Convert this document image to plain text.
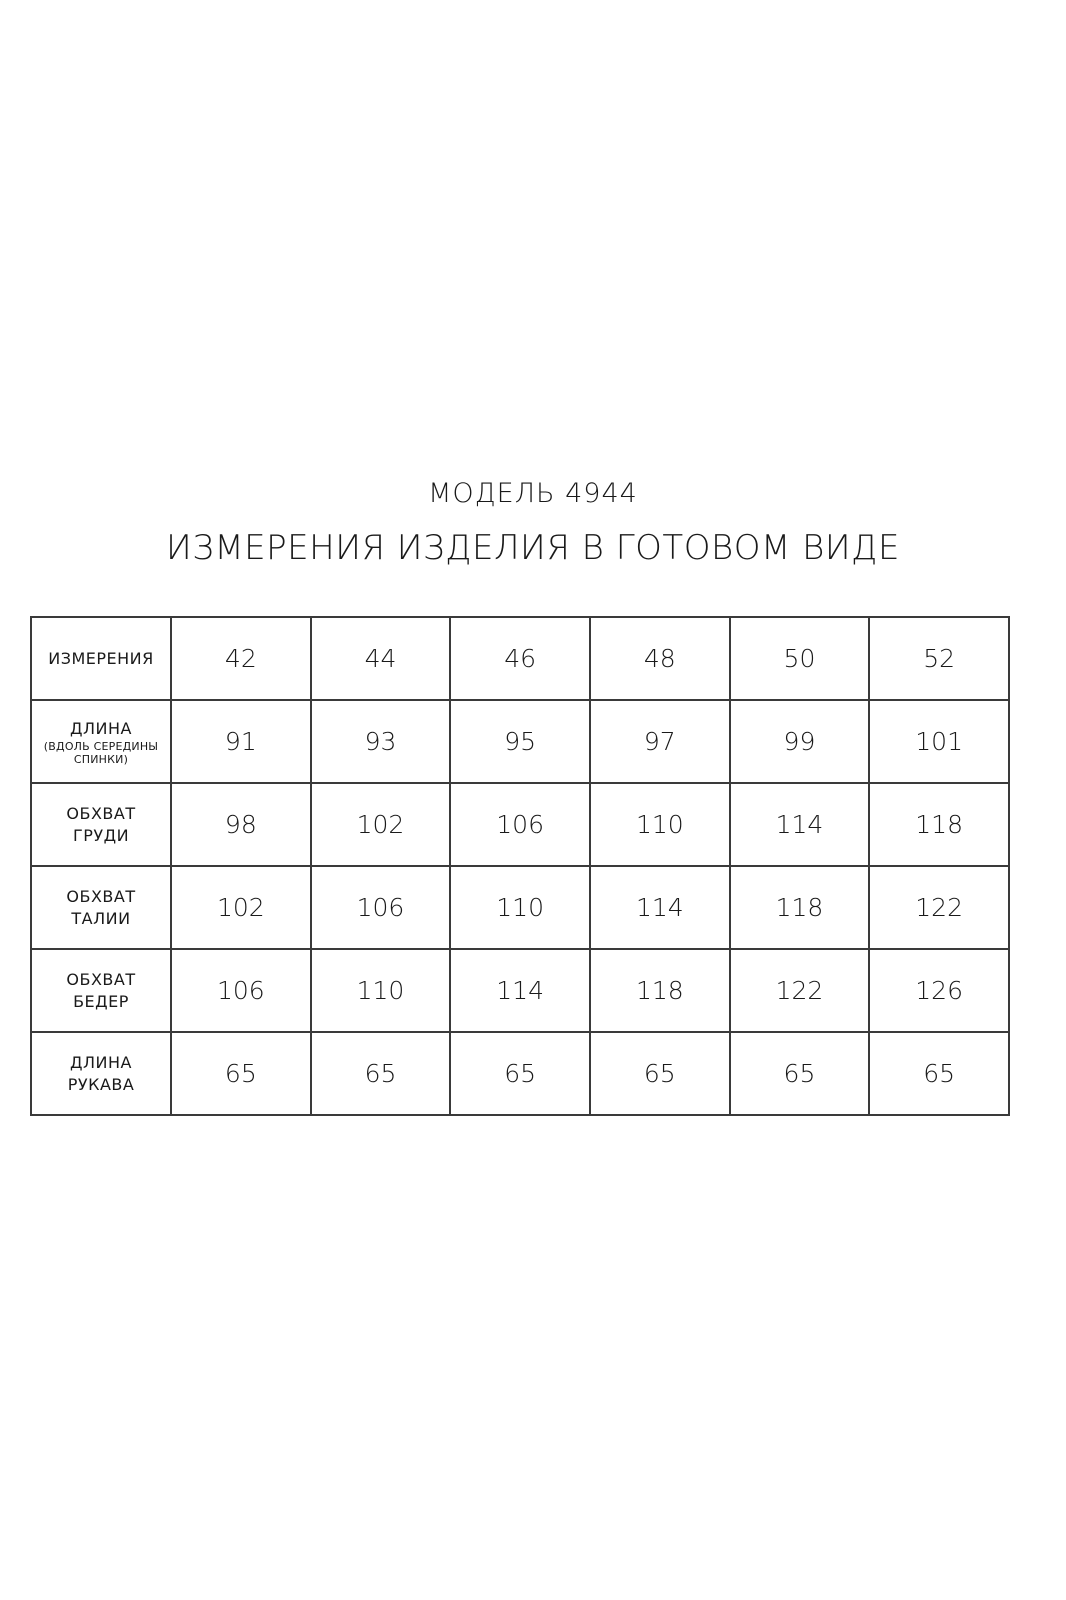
МОДЕЛЬ 4944
ИЗМЕРЕНИЯ ИЗДЕЛИЯ В ГОТОВОМ ВИДЕ
ИЗМЕРЕНИЯ	42	44	46	48	50	52

ДЛИНА
(ВДОЛЬ СЕРЕДИНЫ
СПИНКИ)	91	93	95	97	99	101

ОБХВАТ
ГРУДИ	98	102	106	110	114	118

ОБХВАТ
ТАЛИИ	102	106	110	114	118	122

ОБХВАТ
БЕДЕР	106	110	114	118	122	126

ДЛИНА
РУКАВА	65	65	65	65	65	65
